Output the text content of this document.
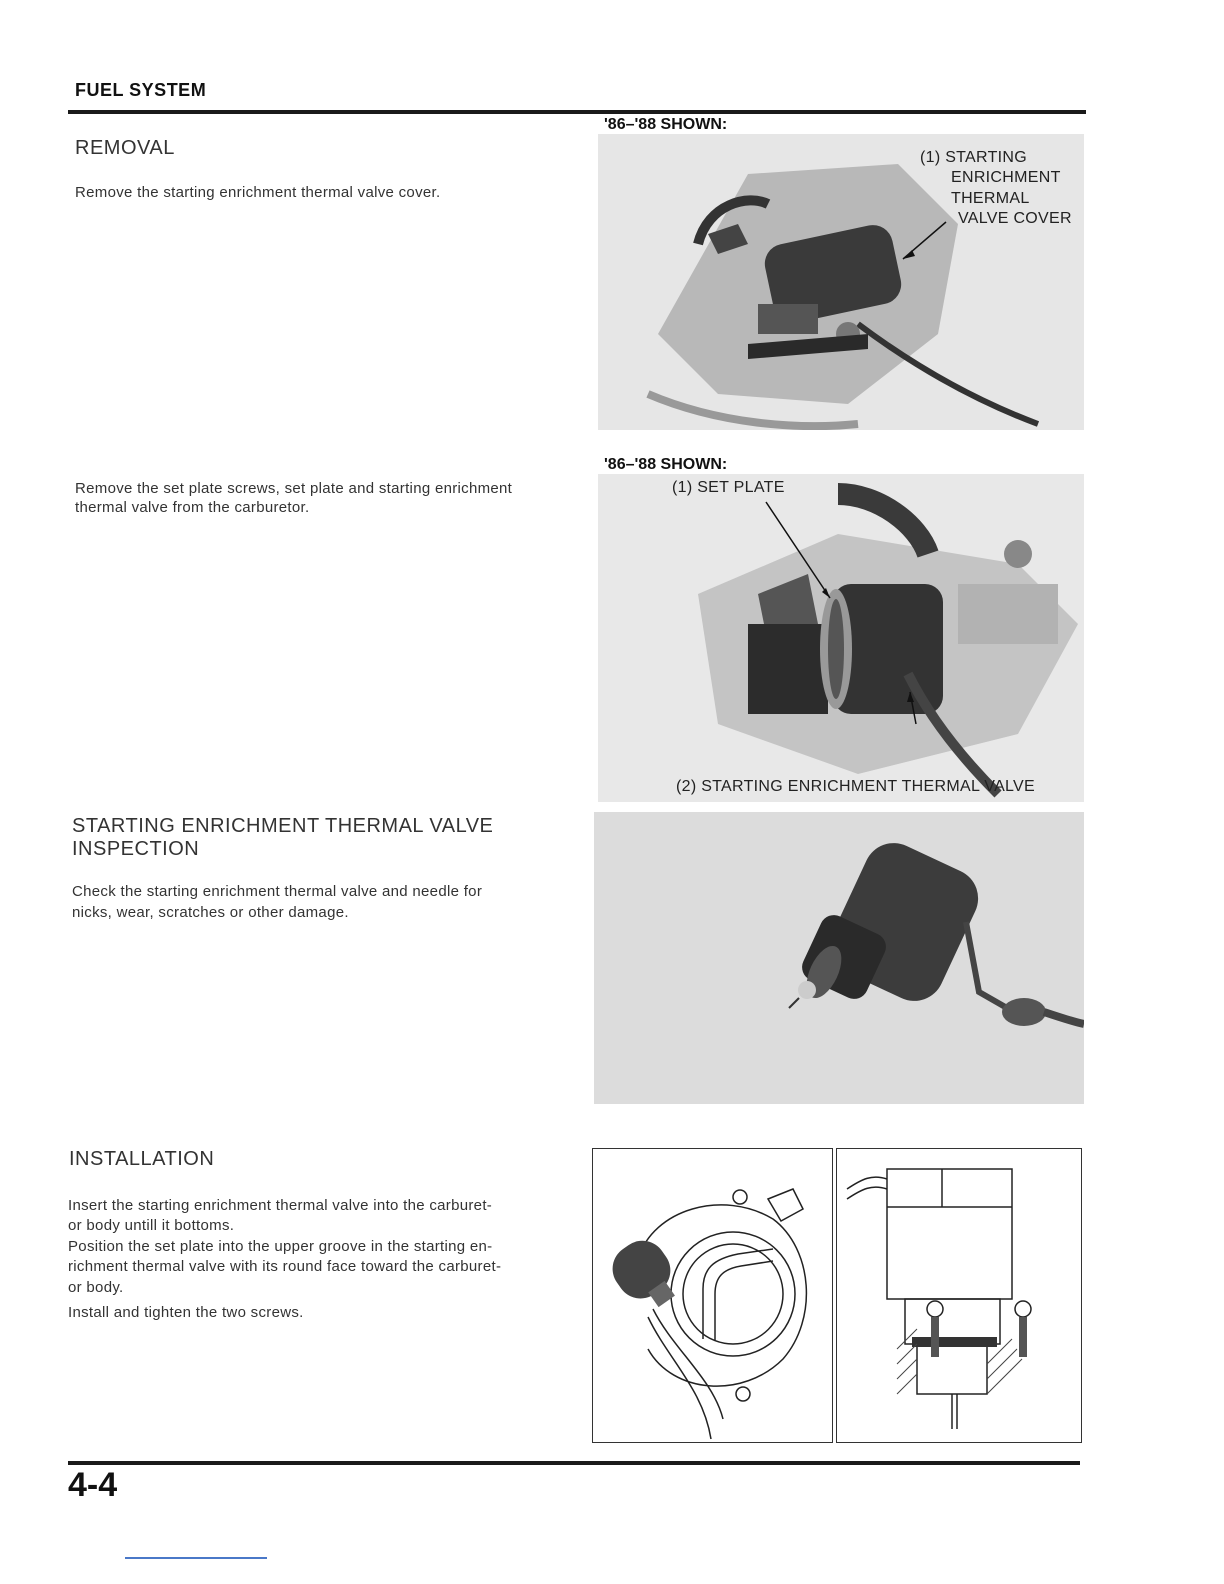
FUEL SYSTEM
REMOVAL
Remove the starting enrichment thermal valve cover.
Remove the set plate screws, set plate and starting enrichment
thermal valve from the carburetor.
'86–'88 SHOWN:
(1) STARTING
ENRICHMENT
THERMAL
VALVE COVER
'86–'88 SHOWN:
(1) SET PLATE
(2) STARTING ENRICHMENT THERMAL VALVE
STARTING ENRICHMENT THERMAL VALVE
INSPECTION
Check the starting enrichment thermal valve and needle for
nicks, wear, scratches or other damage.
INSTALLATION
Insert the starting enrichment thermal valve into the carburet-
or body untill it bottoms.
Position the set plate into the upper groove in the starting en-
richment thermal valve with its round face toward the carburet-
or body.
Install and tighten the two screws.
4-4
